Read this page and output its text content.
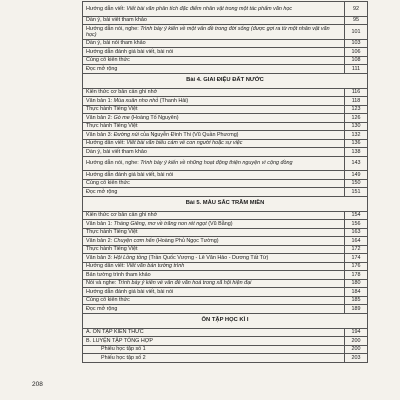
Hướng dẫn viết: Viết bài văn phân tích đặc điểm nhân vật trong một tác phẩm văn học	92
Dàn ý, bài viết tham khảo	95
Hướng dẫn nói, nghe: Trình bày ý kiến về một vấn đề trong đời sống (được gợi ra từ một nhân vật văn học)	101
Dàn ý, bài nói tham khảo	103
Hướng dẫn đánh giá bài viết, bài nói	106
Củng cố kiến thức	108
Đọc mở rộng	111
Bài 4. GIAI ĐIỆU ĐẤT NƯỚC	
Kiến thức cơ bản cần ghi nhớ	116
Văn bản 1: Mùa xuân nho nhỏ (Thanh Hải)	118
Thực hành Tiếng Việt	123
Văn bản 2: Gò me (Hoàng Tố Nguyên)	126
Thực hành Tiếng Việt	130
Văn bản 3: Đường núi của Nguyễn Đình Thi (Vũ Quần Phương)	132
Hướng dẫn viết: Viết bài văn biểu cảm về con người hoặc sự việc	136
Dàn ý, bài viết tham khảo	138
Hướng dẫn nói, nghe: Trình bày ý kiến về những hoạt động thiện nguyện vì cộng đồng	143
Hướng dẫn đánh giá bài viết, bài nói	149
Củng cố kiến thức	150
Đọc mở rộng	151
Bài 5. MÀU SẮC TRĂM MIỀN	
Kiến thức cơ bản cần ghi nhớ	154
Văn bản 1: Tháng Giêng, mơ về trăng non rét ngọt (Vũ Bằng)	156
Thực hành Tiếng Việt	163
Văn bản 2: Chuyện cơm hến (Hoàng Phủ Ngọc Tường)	164
Thực hành Tiếng Việt	172
Văn bản 3: Hội Lồng tồng (Trần Quốc Vượng - Lê Văn Hảo - Dương Tất Từ)	174
Hướng dẫn viết: Viết văn bản tường trình	176
Bản tường trình tham khảo	178
Nói và nghe: Trình bày ý kiến về vấn đề văn hoá trong xã hội hiện đại	180
Hướng dẫn đánh giá bài viết, bài nói	184
Củng cố kiến thức	185
Đọc mở rộng	189
ÔN TẬP HỌC KÌ I	
A. ÔN TẬP KIẾN THỨC	194
B. LUYỆN TẬP TỔNG HỢP	200
Phiếu học tập số 1	200
Phiếu học tập số 2	203
208
